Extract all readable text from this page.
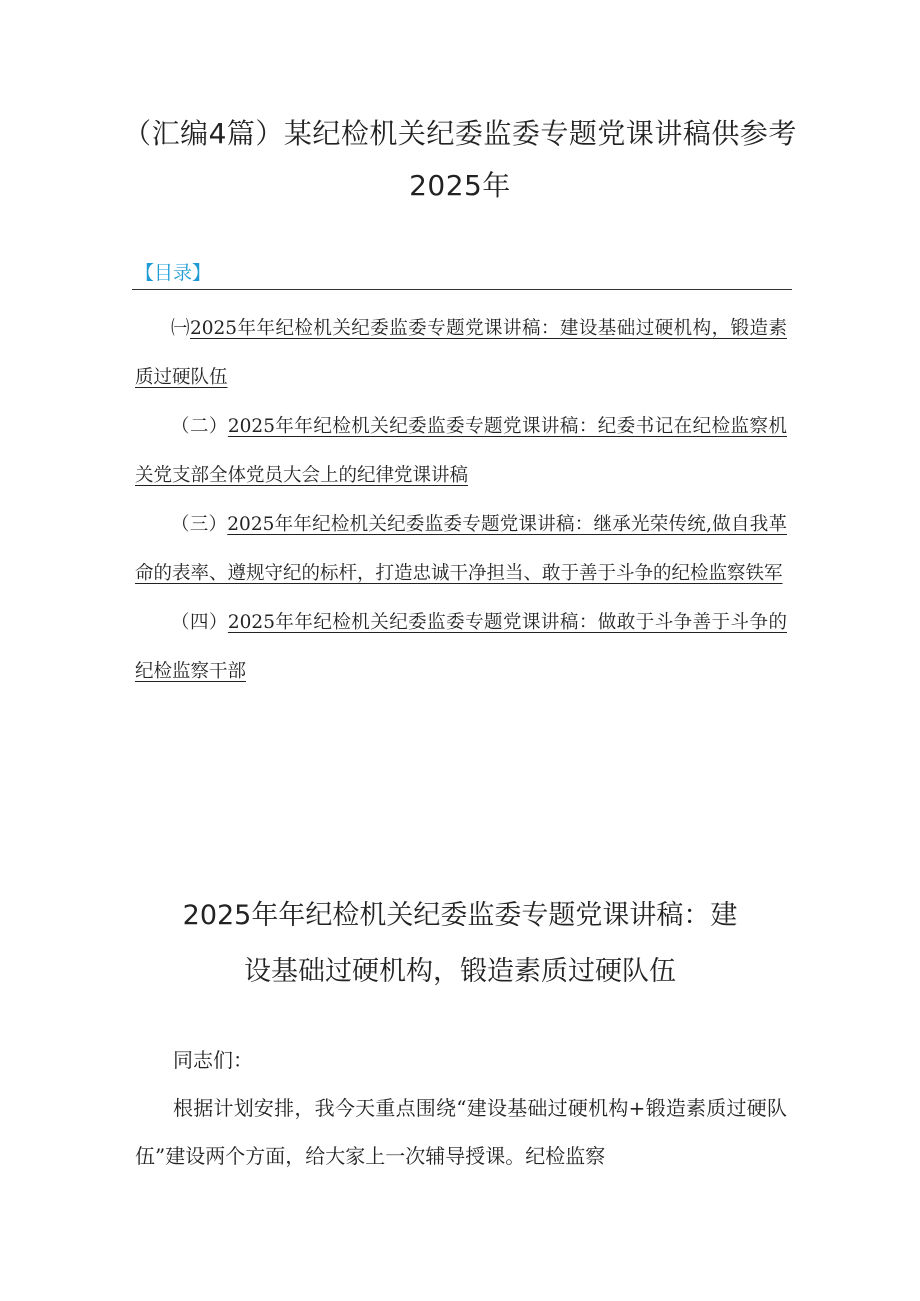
（汇编4篇）某纪检机关纪委监委专题党课讲稿供参考
2025年
【目录】
㈠2025年年纪检机关纪委监委专题党课讲稿：建设基础过硬机构，锻造素质过硬队伍
（二）2025年年纪检机关纪委监委专题党课讲稿：纪委书记在纪检监察机关党支部全体党员大会上的纪律党课讲稿
（三）2025年年纪检机关纪委监委专题党课讲稿：继承光荣传统,做自我革命的表率、遵规守纪的标杆，打造忠诚干净担当、敢于善于斗争的纪检监察铁军
（四）2025年年纪检机关纪委监委专题党课讲稿：做敢于斗争善于斗争的纪检监察干部
2025年年纪检机关纪委监委专题党课讲稿：建
设基础过硬机构，锻造素质过硬队伍

同志们：

根据计划安排，我今天重点围绕“建设基础过硬机构+锻造素质过硬队伍”建设两个方面，给大家上一次辅导授课。纪检监察
